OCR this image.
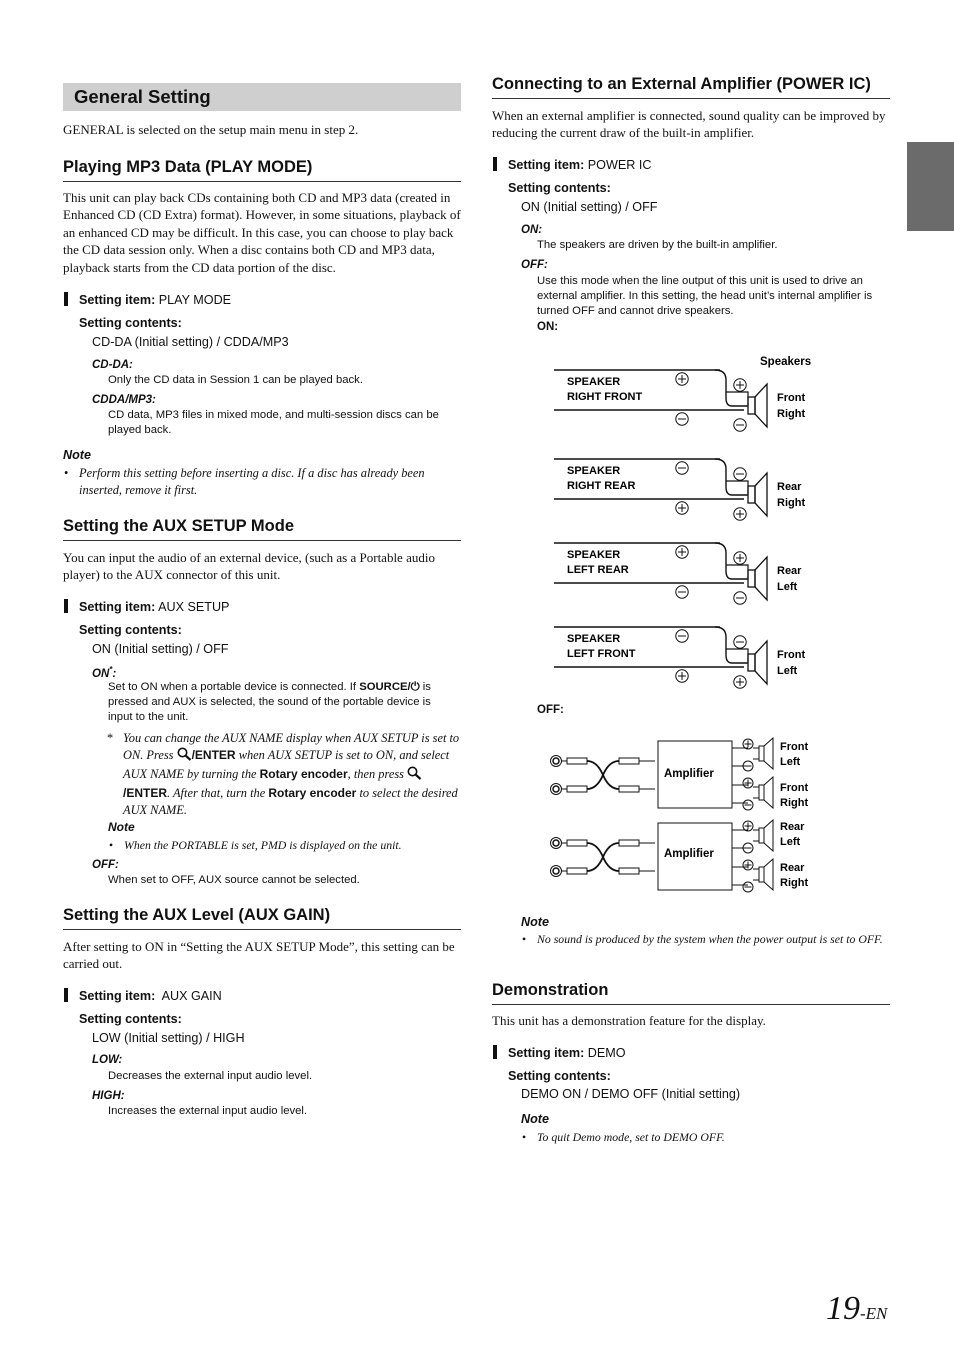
General Setting
GENERAL is selected on the setup main menu in step 2.
Playing MP3 Data (PLAY MODE)
This unit can play back CDs containing both CD and MP3 data (created in Enhanced CD (CD Extra) format). However, in some situations, playback of an enhanced CD may be difficult. In this case, you can choose to play back the CD data session only. When a disc contains both CD and MP3 data, playback starts from the CD data portion of the disc.
Setting item: PLAY MODE
Setting contents:
CD-DA (Initial setting) / CDDA/MP3
CD-DA:
Only the CD data in Session 1 can be played back.
CDDA/MP3:
CD data, MP3 files in mixed mode, and multi-session discs can be played back.
Note
• Perform this setting before inserting a disc. If a disc has already been inserted, remove it first.
Setting the AUX SETUP Mode
You can input the audio of an external device, (such as a Portable audio player) to the AUX connector of this unit.
Setting item: AUX SETUP
Setting contents:
ON (Initial setting) / OFF
ON*:
Set to ON when a portable device is connected. If SOURCE/⏻ is pressed and AUX is selected, the sound of the portable device is input to the unit.
* You can change the AUX NAME display when AUX SETUP is set to ON. Press /ENTER when AUX SETUP is set to ON, and select AUX NAME by turning the Rotary encoder, then press /ENTER. After that, turn the Rotary encoder to select the desired AUX NAME.
Note
• When the PORTABLE is set, PMD is displayed on the unit.
OFF:
When set to OFF, AUX source cannot be selected.
Setting the AUX Level (AUX GAIN)
After setting to ON in “Setting the AUX SETUP Mode”, this setting can be carried out.
Setting item:  AUX GAIN
Setting contents:
LOW (Initial setting) / HIGH
LOW:
Decreases the external input audio level.
HIGH:
Increases the external input audio level.
Connecting to an External Amplifier (POWER IC)
When an external amplifier is connected, sound quality can be improved by reducing the current draw of the built-in amplifier.
Setting item: POWER IC
Setting contents:
ON (Initial setting) / OFF
ON:
The speakers are driven by the built-in amplifier.
OFF:
Use this mode when the line output of this unit is used to drive an external amplifier. In this setting, the head unit’s internal amplifier is turned OFF and cannot drive speakers.
ON:
Speakers
SPEAKER
RIGHT FRONT	Front
Right
SPEAKER
RIGHT REAR	Rear
Right
SPEAKER
LEFT REAR	Rear
Left
SPEAKER
LEFT FRONT	Front
Left
OFF:
Amplifier
Front
Left
Front
Right
Amplifier
Rear
Left
Rear
Right
Note
• No sound is produced by the system when the power output is set to OFF.
Demonstration
This unit has a demonstration feature for the display.
Setting item: DEMO
Setting contents:
DEMO ON / DEMO OFF (Initial setting)
Note
• To quit Demo mode, set to DEMO OFF.
19-EN
